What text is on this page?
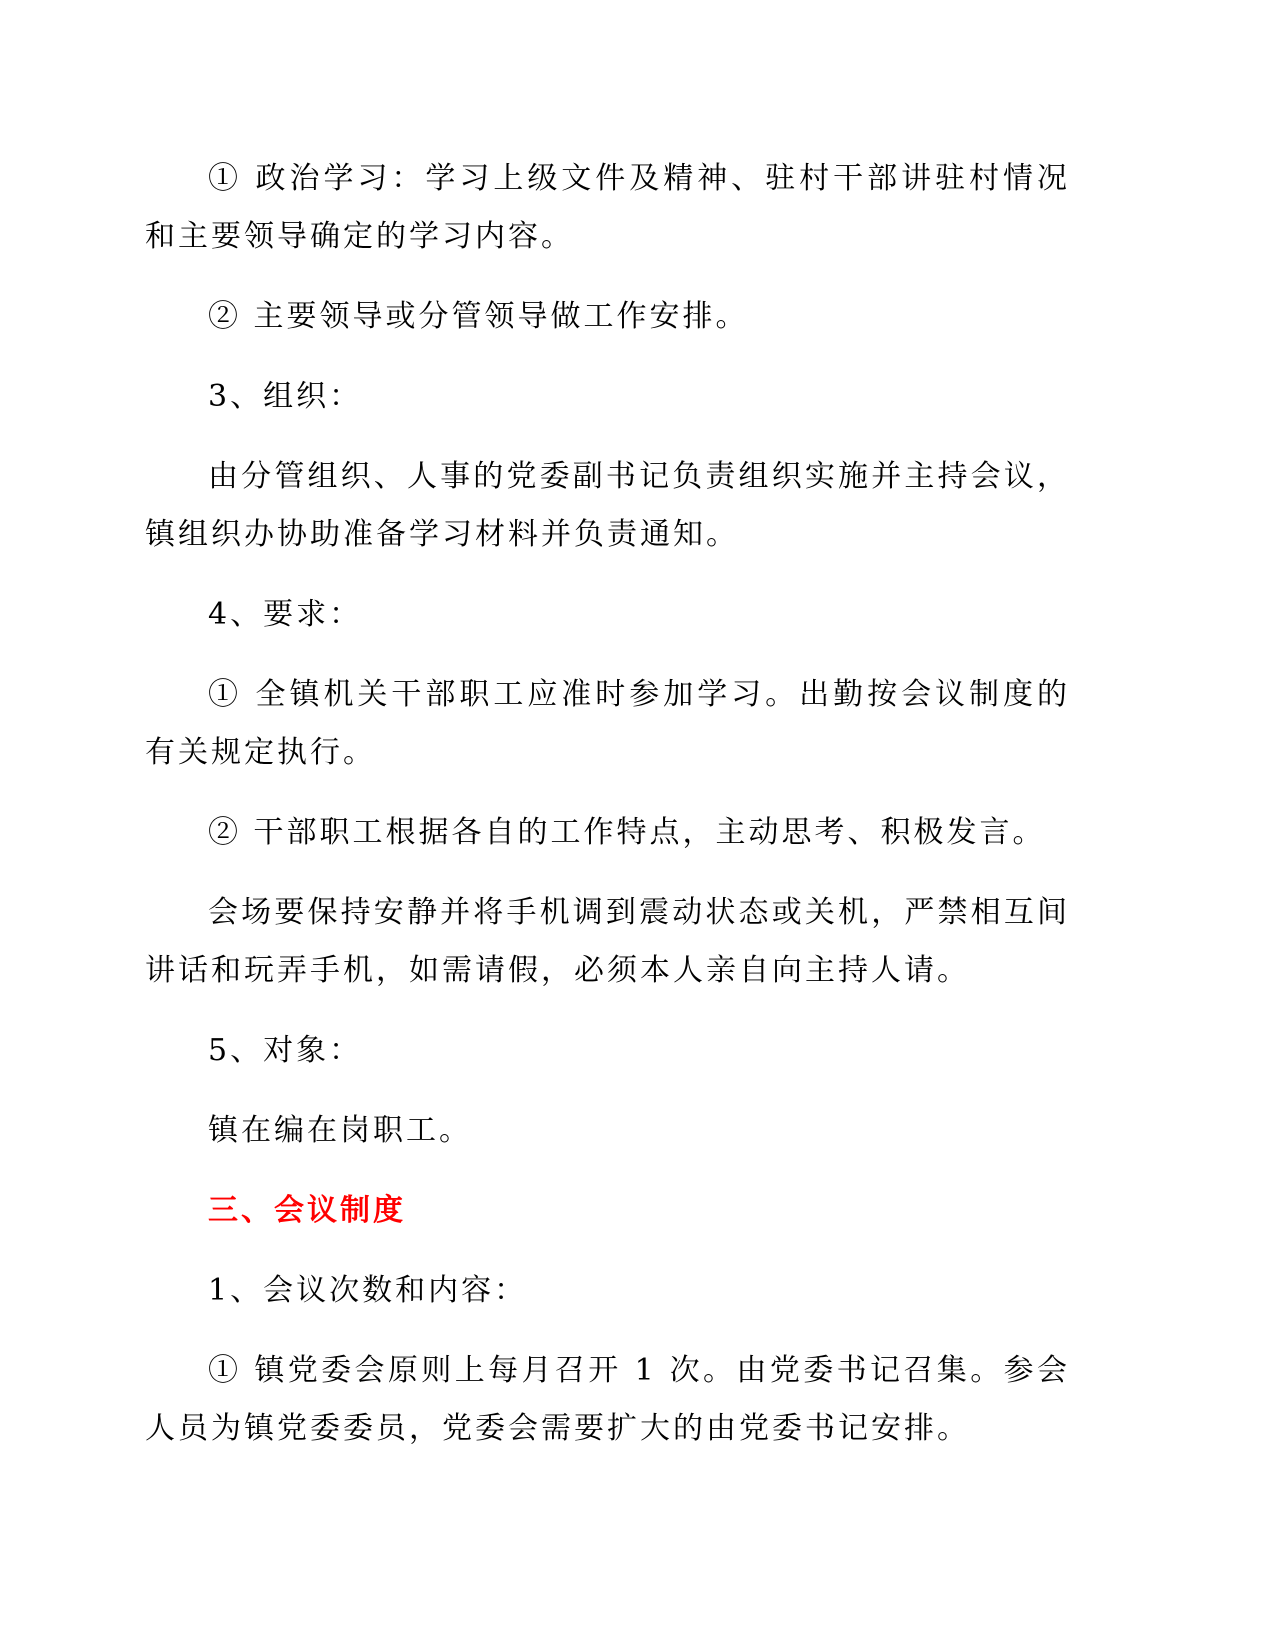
① 政治学习：学习上级文件及精神、驻村干部讲驻村情况和主要领导确定的学习内容。

② 主要领导或分管领导做工作安排。

3、组织：

由分管组织、人事的党委副书记负责组织实施并主持会议，镇组织办协助准备学习材料并负责通知。

4、要求：

① 全镇机关干部职工应准时参加学习。出勤按会议制度的有关规定执行。

② 干部职工根据各自的工作特点，主动思考、积极发言。

会场要保持安静并将手机调到震动状态或关机，严禁相互间讲话和玩弄手机，如需请假，必须本人亲自向主持人请。

5、对象：

镇在编在岗职工。

三、会议制度

1、会议次数和内容：

① 镇党委会原则上每月召开 1 次。由党委书记召集。参会人员为镇党委委员，党委会需要扩大的由党委书记安排。
